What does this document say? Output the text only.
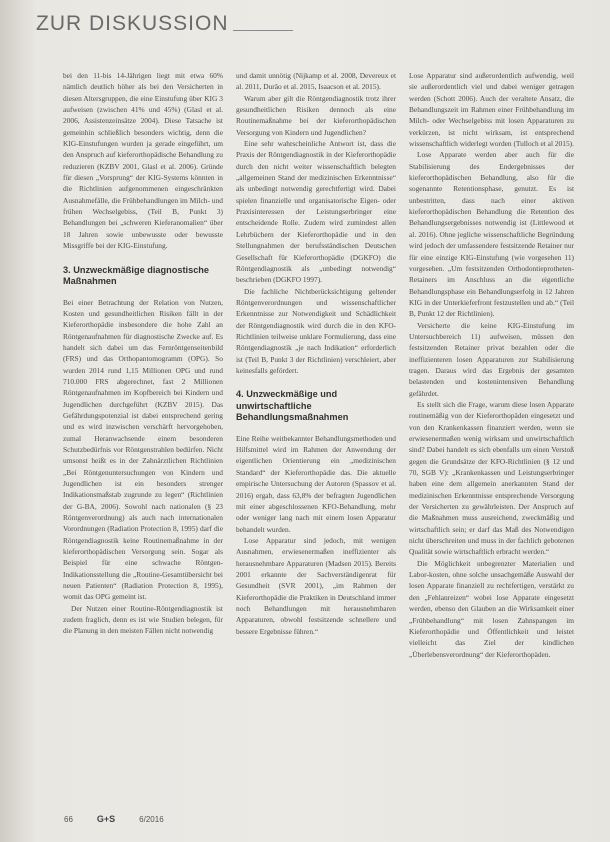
ZUR DISKUSSION

bei den 11-bis 14-Jährigen liegt mit etwa 60% nämlich deutlich höher als bei den Versicherten in diesen Altersgruppen, die eine Einstufung über KIG 3 aufweisen (zwischen 41% und 45%) (Glasl et al. 2006, Assistenzeinsätze 2004). Diese Tatsache ist gemeinhin schließlich besonders wichtig, denn die KIG-Einstufungen wurden ja gerade eingeführt, um den Anspruch auf kieferorthopädische Behandlung zu reduzieren (KZBV 2001, Glasl et al. 2006). Gründe für diesen „Vorsprung“ der KIG-Systems könnten in die Richtlinien aufgenommenen eingeschränkten Ausnahmefälle, die Frühbehandlungen im Milch- und frühen Wechselgebiss, (Teil B, Punkt 3) Behandlungen bei „schweren Kieferanomalien“ über 18 Jahren sowie unbewusste oder bewusste Missgriffe bei der KIG-Einstufung.

3. Unzweckmäßige diagnostische Maßnahmen

Bei einer Betrachtung der Relation von Nutzen, Kosten und gesundheitlichen Risiken fällt in der Kieferorthopädie insbesondere die hohe Zahl an Röntgenaufnahmen für diagnostische Zwecke auf. Es handelt sich dabei um das Fernröntgenseitenbild (FRS) und das Orthopantomogramm (OPG). So wurden 2014 rund 1,15 Millionen OPG und rund 710.000 FRS abgerechnet, fast 2 Millionen Röntgenaufnahmen im Kopfbereich bei Kindern und Jugendlichen durchgeführt (KZBV 2015). Das Gefährdungspotenzial ist dabei entsprechend gering und es wird inzwischen verschärft hervorgehoben, zumal Heranwachsende einem besonderen Schutzbedürfnis vor Röntgenstrahlen bedürfen. Nicht umsonst heißt es in der Zahnärztlichen Richtlinien „Bei Röntgenuntersuchungen von Kindern und Jugendlichen ist ein besonders strenger Indikationsmaßstab zugrunde zu legen“ (Richtlinien der G-BA, 2006). Sowohl nach nationalen (§ 23 Röntgenverordnung) als auch nach internationalen Vorordnungen (Radiation Protection 8, 1995) darf die Röntgendiagnostik keine Routinemaßnahme in der kieferorthopädischen Versorgung sein. Sogar als Beispiel für eine schwache Röntgen-Indikationsstellung die „Routine-Gesamtübersicht bei neuen Patienten“ (Radiation Protection 8, 1995), womit das OPG gemeint ist.

Der Nutzen einer Routine-Röntgendiagnostik ist zudem fraglich, denn es ist wie Studien belegen, für die Planung in den meisten Fällen nicht notwendig

und damit unnötig (Nijkamp et al. 2008, Devereux et al. 2011, Durão et al. 2015, Isaacson et al. 2015).

Warum aber gilt die Röntgendiagnostik trotz ihrer gesundheitlichen Risiken dennoch als eine Routinemaßnahme bei der kieferorthopädischen Versorgung von Kindern und Jugendlichen?

Eine sehr wahrscheinliche Antwort ist, dass die Praxis der Röntgendiagnostik in der Kieferorthopädie durch den nicht weiter wissenschaftlich belegten „allgemeinen Stand der medizinischen Erkenntnisse“ als unbedingt notwendig gerechtfertigt wird. Dabei spielen finanzielle und organisatorische Eigen- oder Praxisinteressen der Leistungserbringer eine entscheidende Rolle. Zudem wird zumindest allen Lehrbüchern der Kieferorthopädie und in den Stellungnahmen der berufsständischen Deutschen Gesellschaft für Kieferorthopädie (DGKFO) die Röntgendiagnostik als „unbedingt notwendig“ beschrieben (DGKFO 1997).

Die fachliche Nichtberücksichtigung geltender Röntgenverordnungen und wissenschaftlicher Erkenntnisse zur Notwendigkeit und Schädlichkeit der Röntgendiagnostik wird durch die in den KFO-Richtlinien teilweise unklare Formulierung, dass eine Röntgendiagnostik „je nach Indikation“ erforderlich ist (Teil B, Punkt 3 der Richtlinien) verschleiert, aber keinesfalls gefördert.

4. Unzweckmäßige und unwirtschaftliche Behandlungsmaßnahmen

Eine Reihe weitbekannter Behandlungsmethoden und Hilfsmittel wird im Rahmen der Anwendung der eigentlichen Orientierung ein „medizinischen Standard“ der Kieferorthopädie das. Die aktuelle empirische Untersuchung der Autoren (Spassov et al. 2016) ergab, dass 63,8% der befragten Jugendlichen mit einer abgeschlossenen KFO-Behandlung, mehr oder weniger lang nach mit einem losen Apparatur behandelt wurden.

Lose Apparatur sind jedoch, mit wenigen Ausnahmen, erwiesenermaßen ineffizienter als herausnehmbare Apparaturen (Madsen 2015). Bereits 2001 erkannte der Sachverständigenrat für Gesundheit (SVR 2001), „im Rahmen der Kieferorthopädie die Praktiken in Deutschland immer noch Behandlungen mit herausnehmbaren Apparaturen, obwohl festsitzende schnellere und bessere Ergebnisse führen.“

Lose Apparatur sind außerordentlich aufwendig, weil sie außerordentlich viel und dabei weniger getragen werden (Schott 2006). Auch der veraltete Ansatz, die Behandlungszeit im Rahmen einer Frühbehandlung im Milch- oder Wechselgebiss mit losen Apparaturen zu verkürzen, ist nicht wirksam, ist entsprechend wissenschaftlich widerlegt worden (Tulloch et al 2015).

Lose Apparate werden aber auch für die Stabilisierung des Endergebnisses der kieferorthopädischen Behandlung, also für die sogenannte Retentionsphase, genutzt. Es ist unbestritten, dass nach einer aktiven kieferorthopädischen Behandlung die Retention des Behandlungsergebnisses notwendig ist (Littlewood et al. 2016). Ohne jegliche wissenschaftliche Begründung wird jedoch der umfassendere festsitzende Retainer nur für eine einzige KIG-Einstufung (wie vorgesehen 11) vorgesehen. „Um festsitzenden Orthodontieprotheten-Retainers im Anschluss an die eigentliche Behandlungsphase ein Behandlungserfolg in 12 Jahren KIG in der Unterkieferfront festzustellen und ab.“ (Teil B, Punkt 12 der Richtlinien).

Versicherte die keine KIG-Einstufung im Untersuchbereich 11) aufweisen, müssen den festsitzenden Retainer privat bezahlen oder die ineffizienteren losen Apparaturen zur Stabilisierung tragen. Daraus wird das Ergebnis der gesamten belastenden und kostenintensiven Behandlung gefährdet.

Es stellt sich die Frage, warum diese losen Apparate routinemäßig von der Kieferorthopäden eingesetzt und von den Krankenkassen finanziert werden, wenn sie erwiesenermaßen wenig wirksam und unwirtschaftlich sind? Dabei handelt es sich ebenfalls um einen Verstoß gegen die Grundsätze der KFO-Richtlinien (§ 12 und 70, SGB V): „Krankenkassen und Leistungserbringer haben eine dem allgemein anerkannten Stand der medizinischen Erkenntnisse entsprechende Versorgung der Versicherten zu gewährleisten. Der Anspruch auf die Maßnahmen muss ausreichend, zweckmäßig und wirtschaftlich sein; er darf das Maß des Notwendigen nicht überschreiten und muss in der fachlich gebotenen Qualität sowie wirtschaftlich erbracht werden.“

Die Möglichkeit unbegrenzter Materialien und Labor-kosten, ohne solche unsachgemäße Auswahl der losen Apparate finanziell zu rechtfertigen, verstärkt zu den „Fehlanreizen“ wobei lose Apparate eingesetzt werden, ebenso den Glauben an die Wirksamkeit einer „Frühbehandlung“ mit losen Zahnspangen im Kieferorthopädie und Öffentlichkeit und leistet vielleicht das Ziel der kindlichen „Überlebensverordnung“ der Kieferorthopäden.

66	G+S	6/2016
